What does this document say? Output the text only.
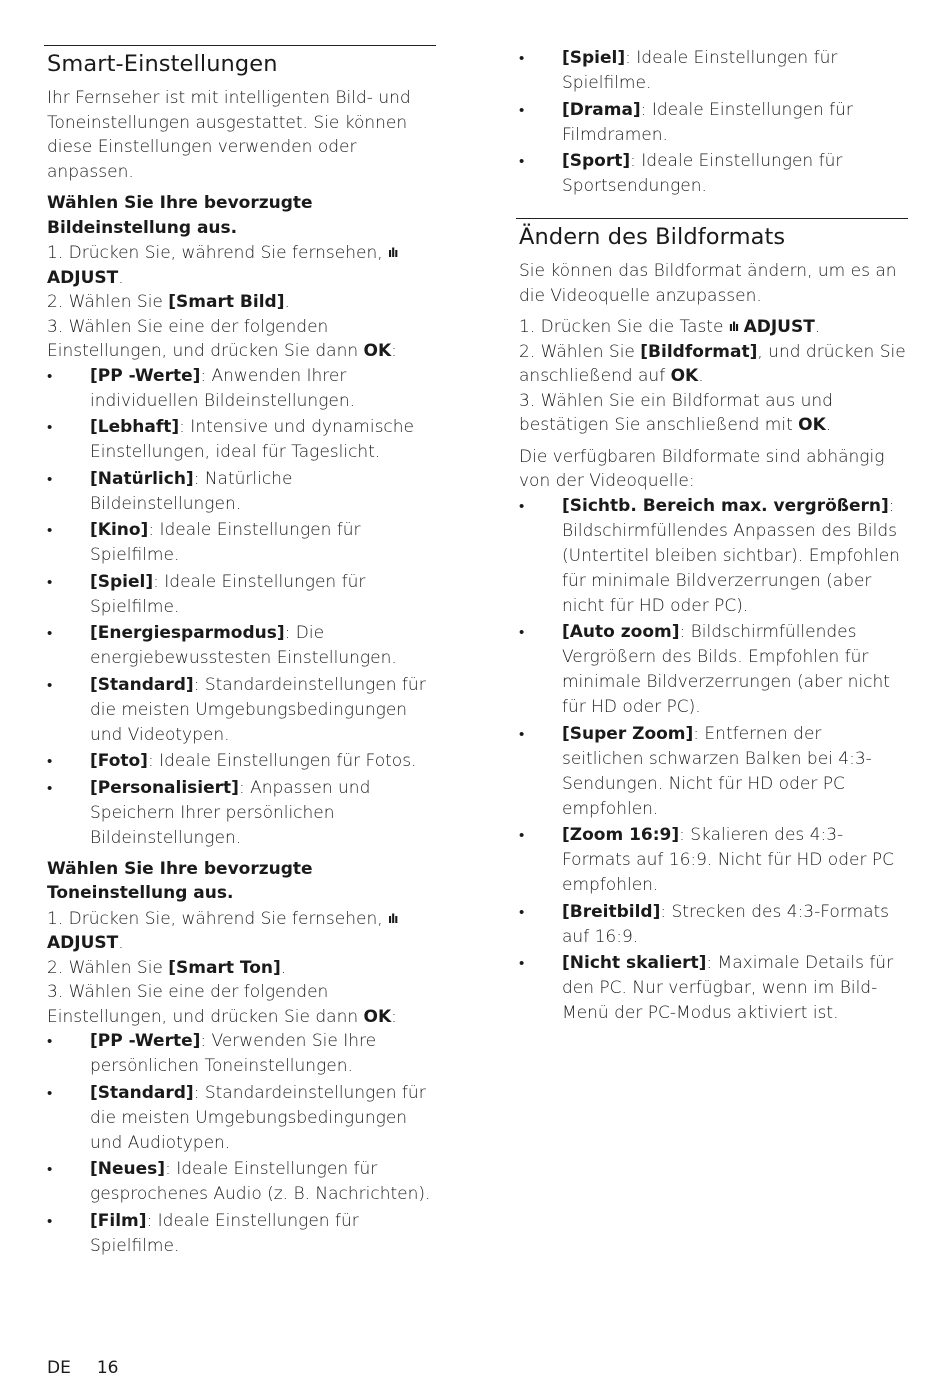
Smart-Einstellungen

Ihr Fernseher ist mit intelligenten Bild- und Toneinstellungen ausgestattet. Sie können diese Einstellungen verwenden oder anpassen.

Wählen Sie Ihre bevorzugte Bildeinstellung aus.

1. Drücken Sie, während Sie fernsehen, ılı
ADJUST.

2. Wählen Sie [Smart Bild].

3. Wählen Sie eine der folgenden Einstellungen, und drücken Sie dann OK:

• [PP -Werte]: Anwenden Ihrer individuellen Bildeinstellungen.
• [Lebhaft]: Intensive und dynamische Einstellungen, ideal für Tageslicht.
• [Natürlich]: Natürliche Bildeinstellungen.
• [Kino]: Ideale Einstellungen für Spielfilme.
• [Spiel]: Ideale Einstellungen für Spielfilme.
• [Energiesparmodus]: Die energiebewusstesten Einstellungen.
• [Standard]: Standardeinstellungen für die meisten Umgebungsbedingungen und Videotypen.
• [Foto]: Ideale Einstellungen für Fotos.
• [Personalisiert]: Anpassen und Speichern Ihrer persönlichen Bildeinstellungen.

Wählen Sie Ihre bevorzugte Toneinstellung aus.

1. Drücken Sie, während Sie fernsehen, ılı
ADJUST.

2. Wählen Sie [Smart Ton].

3. Wählen Sie eine der folgenden Einstellungen, und drücken Sie dann OK:

• [PP -Werte]: Verwenden Sie Ihre persönlichen Toneinstellungen.
• [Standard]: Standardeinstellungen für die meisten Umgebungsbedingungen und Audiotypen.
• [Neues]: Ideale Einstellungen für gesprochenes Audio (z. B. Nachrichten).
• [Film]: Ideale Einstellungen für Spielfilme.
• [Spiel]: Ideale Einstellungen für Spielfilme.
• [Drama]: Ideale Einstellungen für Filmdramen.
• [Sport]: Ideale Einstellungen für Sportsendungen.
Ändern des Bildformats

Sie können das Bildformat ändern, um es an die Videoquelle anzupassen.

1. Drücken Sie die Taste ılı ADJUST.

2. Wählen Sie [Bildformat], und drücken Sie anschließend auf OK.

3. Wählen Sie ein Bildformat aus und bestätigen Sie anschließend mit OK.

Die verfügbaren Bildformate sind abhängig von der Videoquelle:

• [Sichtb. Bereich max. vergrößern]: Bildschirmfüllendes Anpassen des Bilds (Untertitel bleiben sichtbar). Empfohlen für minimale Bildverzerrungen (aber nicht für HD oder PC).
• [Auto zoom]: Bildschirmfüllendes Vergrößern des Bilds. Empfohlen für minimale Bildverzerrungen (aber nicht für HD oder PC).
• [Super Zoom]: Entfernen der seitlichen schwarzen Balken bei 4:3-Sendungen. Nicht für HD oder PC empfohlen.
• [Zoom 16:9]: Skalieren des 4:3-Formats auf 16:9. Nicht für HD oder PC empfohlen.
• [Breitbild]: Strecken des 4:3-Formats auf 16:9.
• [Nicht skaliert]: Maximale Details für den PC. Nur verfügbar, wenn im Bild-Menü der PC-Modus aktiviert ist.
DE 16
